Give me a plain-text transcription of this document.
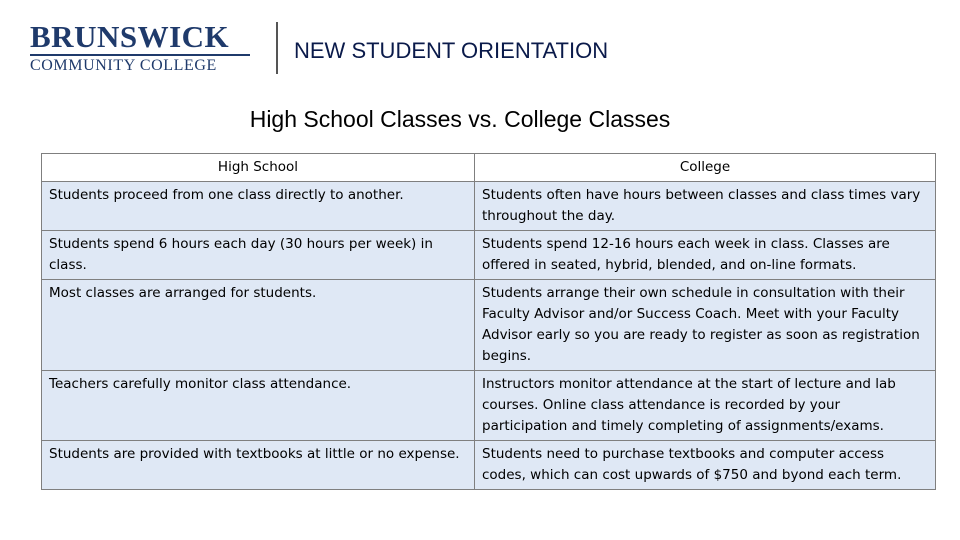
BRUNSWICK
COMMUNITY COLLEGE
NEW STUDENT ORIENTATION
High School Classes vs. College Classes
High School	College
Students proceed from one class directly to another.	Students often have hours between classes and class times vary throughout the day.
Students spend 6 hours each day (30 hours per week) in class.	Students spend 12-16 hours each week in class. Classes are offered in seated, hybrid, blended, and on-line formats.
Most classes are arranged for students.	Students arrange their own schedule in consultation with their Faculty Advisor and/or Success Coach. Meet with your Faculty Advisor early so you are ready to register as soon as registration begins.
Teachers carefully monitor class attendance.	Instructors monitor attendance at the start of lecture and lab courses. Online class attendance is recorded by your participation and timely completing of assignments/exams.
Students are provided with textbooks at little or no expense.	Students need to purchase textbooks and computer access codes, which can cost upwards of $750 and byond each term.
